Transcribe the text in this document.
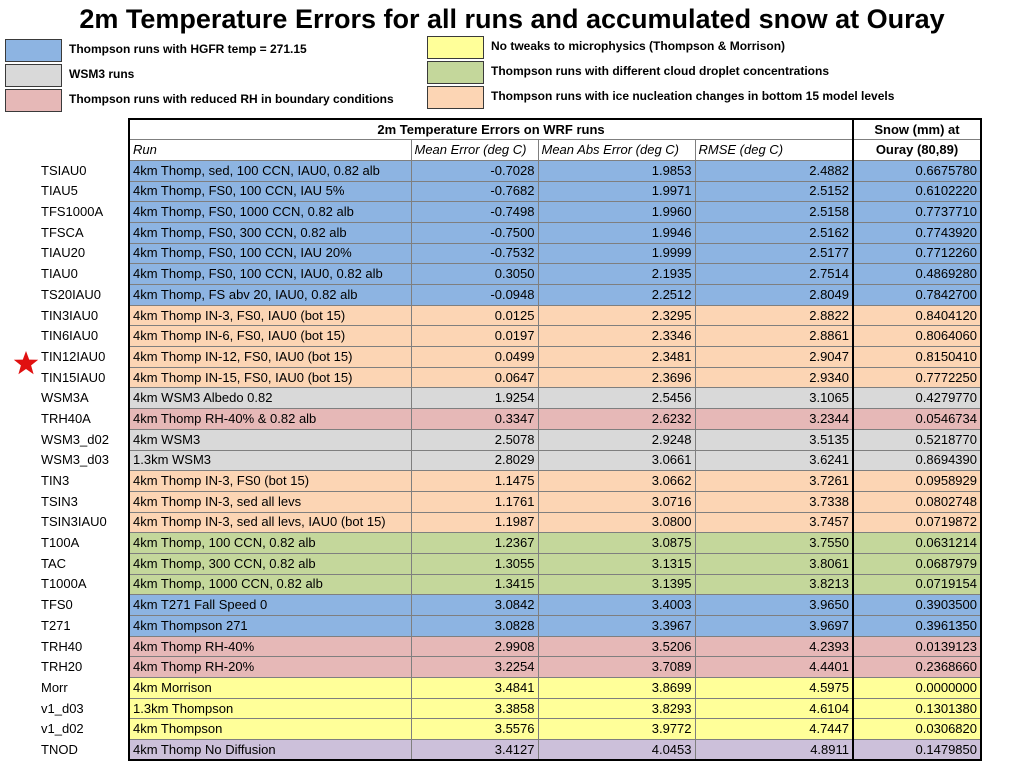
2m Temperature Errors for all runs and accumulated snow at Ouray
Thompson runs with HGFR temp = 271.15
WSM3 runs
Thompson runs with reduced RH in boundary conditions
No tweaks to microphysics (Thompson & Morrison)
Thompson runs with different cloud droplet concentrations
Thompson runs with ice nucleation changes in bottom 15 model levels
	2m Temperature Errors on WRF runs				Snow (mm) at
	Run	Mean Error (deg C)	Mean Abs Error (deg C)	RMSE (deg C)	Ouray (80,89)
TSIAU0	4km Thomp, sed, 100 CCN, IAU0, 0.82 alb	-0.7028	1.9853	2.4882	0.6675780
TIAU5	4km Thomp, FS0, 100 CCN, IAU 5%	-0.7682	1.9971	2.5152	0.6102220
TFS1000A	4km Thomp, FS0, 1000 CCN, 0.82 alb	-0.7498	1.9960	2.5158	0.7737710
TFSCA	4km Thomp, FS0, 300 CCN, 0.82 alb	-0.7500	1.9946	2.5162	0.7743920
TIAU20	4km Thomp, FS0, 100 CCN, IAU 20%	-0.7532	1.9999	2.5177	0.7712260
TIAU0	4km Thomp, FS0, 100 CCN, IAU0, 0.82 alb	0.3050	2.1935	2.7514	0.4869280
TS20IAU0	4km Thomp, FS abv 20, IAU0, 0.82 alb	-0.0948	2.2512	2.8049	0.7842700
TIN3IAU0	4km Thomp IN-3, FS0, IAU0 (bot 15)	0.0125	2.3295	2.8822	0.8404120
TIN6IAU0	4km Thomp IN-6, FS0, IAU0 (bot 15)	0.0197	2.3346	2.8861	0.8064060
TIN12IAU0	4km Thomp IN-12, FS0, IAU0 (bot 15)	0.0499	2.3481	2.9047	0.8150410
TIN15IAU0	4km Thomp IN-15, FS0, IAU0 (bot 15)	0.0647	2.3696	2.9340	0.7772250
WSM3A	4km WSM3 Albedo 0.82	1.9254	2.5456	3.1065	0.4279770
TRH40A	4km Thomp RH-40% & 0.82 alb	0.3347	2.6232	3.2344	0.0546734
WSM3_d02	4km WSM3	2.5078	2.9248	3.5135	0.5218770
WSM3_d03	1.3km WSM3	2.8029	3.0661	3.6241	0.8694390
TIN3	4km Thomp IN-3, FS0 (bot 15)	1.1475	3.0662	3.7261	0.0958929
TSIN3	4km Thomp IN-3, sed all levs	1.1761	3.0716	3.7338	0.0802748
TSIN3IAU0	4km Thomp IN-3, sed all levs, IAU0 (bot 15)	1.1987	3.0800	3.7457	0.0719872
T100A	4km Thomp, 100 CCN, 0.82 alb	1.2367	3.0875	3.7550	0.0631214
TAC	4km Thomp, 300 CCN, 0.82 alb	1.3055	3.1315	3.8061	0.0687979
T1000A	4km Thomp, 1000 CCN, 0.82 alb	1.3415	3.1395	3.8213	0.0719154
TFS0	4km T271 Fall Speed 0	3.0842	3.4003	3.9650	0.3903500
T271	4km Thompson 271	3.0828	3.3967	3.9697	0.3961350
TRH40	4km Thomp RH-40%	2.9908	3.5206	4.2393	0.0139123
TRH20	4km Thomp RH-20%	3.2254	3.7089	4.4401	0.2368660
Morr	4km Morrison	3.4841	3.8699	4.5975	0.0000000
v1_d03	1.3km Thompson	3.3858	3.8293	4.6104	0.1301380
v1_d02	4km Thompson	3.5576	3.9772	4.7447	0.0306820
TNOD	4km Thomp No Diffusion	3.4127	4.0453	4.8911	0.1479850
